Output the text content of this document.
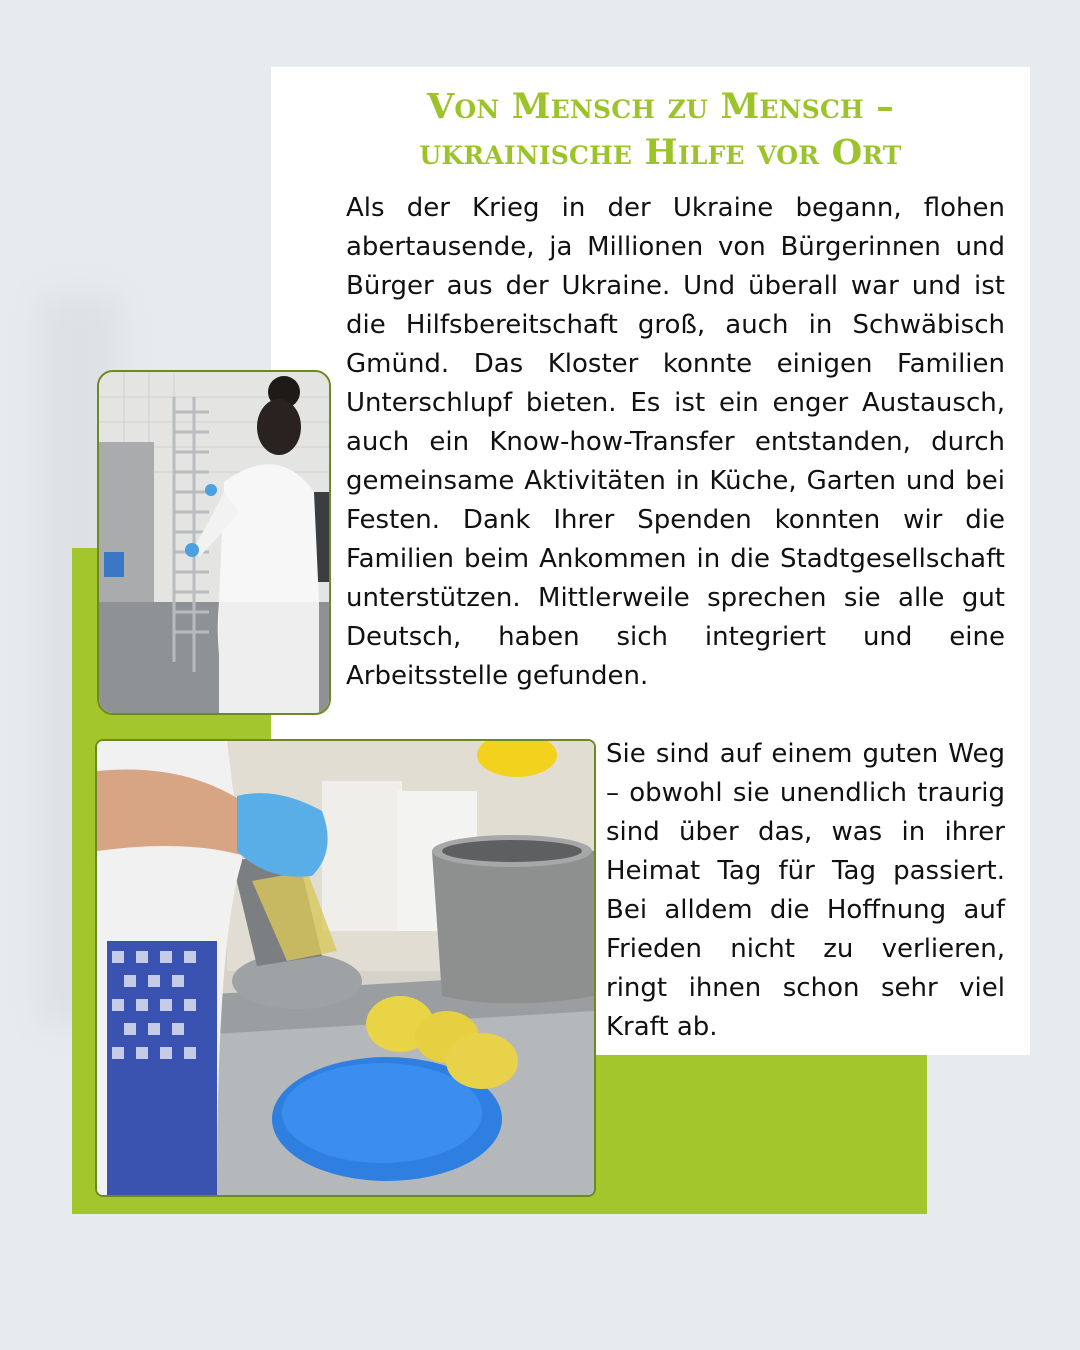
Von Mensch zu Mensch –
ukrainische Hilfe vor Ort

Als der Krieg in der Ukraine begann, flohen abertausende, ja Millionen von Bürgerinnen und Bürger aus der Ukraine. Und überall war und ist die Hilfsbereitschaft groß, auch in Schwäbisch Gmünd. Das Kloster konnte einigen Familien Unterschlupf bieten. Es ist ein enger Austausch, auch ein Know-how-Transfer entstanden, durch gemeinsame Aktivitäten in Küche, Garten und bei Festen. Dank Ihrer Spenden konnten wir die Familien beim Ankommen in die Stadtgesellschaft unterstützen. Mittlerweile sprechen sie alle gut Deutsch, haben sich integriert und eine Arbeitsstelle gefunden.

Sie sind auf einem guten Weg – obwohl sie unendlich traurig sind über das, was in ihrer Heimat Tag für Tag passiert. Bei alldem die Hoffnung auf Frieden nicht zu verlieren, ringt ihnen schon sehr viel Kraft ab.
